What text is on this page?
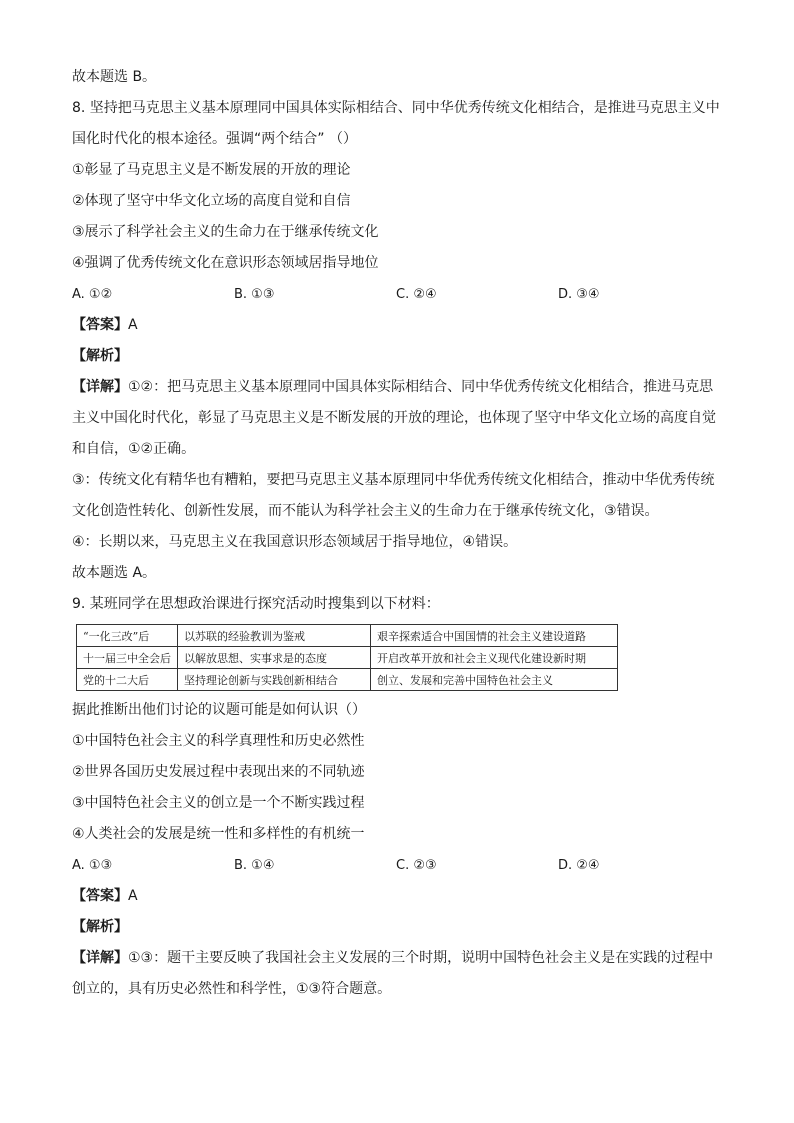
故本题选 B。
8. 坚持把马克思主义基本原理同中国具体实际相结合、同中华优秀传统文化相结合，是推进马克思主义中
国化时代化的根本途径。强调“两个结合” （）
①彰显了马克思主义是不断发展的开放的理论
②体现了坚守中华文化立场的高度自觉和自信
③展示了科学社会主义的生命力在于继承传统文化
④强调了优秀传统文化在意识形态领域居指导地位
A. ①②	B. ①③	C. ②④	D. ③④
【答案】A
【解析】
【详解】①②：把马克思主义基本原理同中国具体实际相结合、同中华优秀传统文化相结合，推进马克思
主义中国化时代化，彰显了马克思主义是不断发展的开放的理论，也体现了坚守中华文化立场的高度自觉
和自信，①②正确。
③：传统文化有精华也有糟粕，要把马克思主义基本原理同中华优秀传统文化相结合，推动中华优秀传统
文化创造性转化、创新性发展，而不能认为科学社会主义的生命力在于继承传统文化，③错误。
④：长期以来，马克思主义在我国意识形态领域居于指导地位，④错误。
故本题选 A。
9. 某班同学在思想政治课进行探究活动时搜集到以下材料：
“一化三改”后	以苏联的经验教训为鉴戒	艰辛探索适合中国国情的社会主义建设道路
十一届三中全会后	以解放思想、实事求是的态度	开启改革开放和社会主义现代化建设新时期
党的十二大后	坚持理论创新与实践创新相结合	创立、发展和完善中国特色社会主义
据此推断出他们讨论的议题可能是如何认识（）
①中国特色社会主义的科学真理性和历史必然性
②世界各国历史发展过程中表现出来的不同轨迹
③中国特色社会主义的创立是一个不断实践过程
④人类社会的发展是统一性和多样性的有机统一
A. ①③	B. ①④	C. ②③	D. ②④
【答案】A
【解析】
【详解】①③：题干主要反映了我国社会主义发展的三个时期，说明中国特色社会主义是在实践的过程中
创立的，具有历史必然性和科学性，①③符合题意。
